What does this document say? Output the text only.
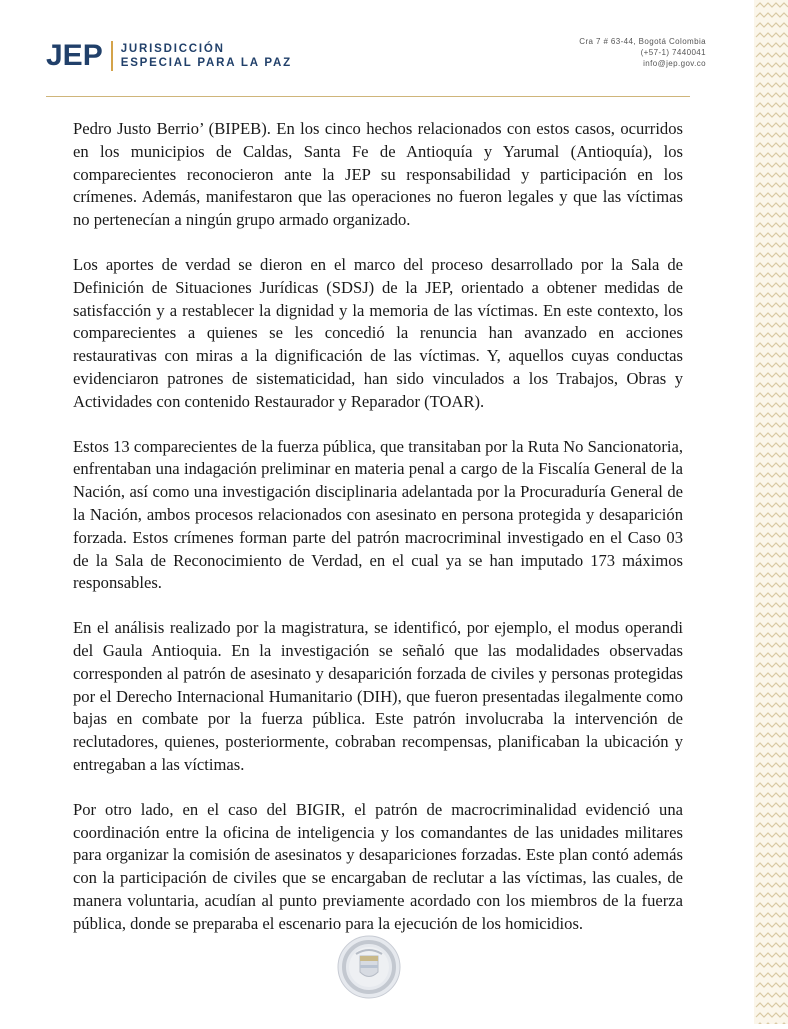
JEP JURISDICCIÓN
ESPECIAL PARA LA PAZ
Cra 7 # 63-44, Bogotá Colombia
(+57-1) 7440041
info@jep.gov.co

Pedro Justo Berrio’ (BIPEB). En los cinco hechos relacionados con estos casos, ocurridos en los municipios de Caldas, Santa Fe de Antioquía y Yarumal (Antioquía), los comparecientes reconocieron ante la JEP su responsabilidad y participación en los crímenes. Además, manifestaron que las operaciones no fueron legales y que las víctimas no pertenecían a ningún grupo armado organizado.

Los aportes de verdad se dieron en el marco del proceso desarrollado por la Sala de Definición de Situaciones Jurídicas (SDSJ) de la JEP, orientado a obtener medidas de satisfacción y a restablecer la dignidad y la memoria de las víctimas. En este contexto, los comparecientes a quienes se les concedió la renuncia han avanzado en acciones restaurativas con miras a la dignificación de las víctimas. Y, aquellos cuyas conductas evidenciaron patrones de sistematicidad, han sido vinculados a los Trabajos, Obras y Actividades con contenido Restaurador y Reparador (TOAR).

Estos 13 comparecientes de la fuerza pública, que transitaban por la Ruta No Sancionatoria, enfrentaban una indagación preliminar en materia penal a cargo de la Fiscalía General de la Nación, así como una investigación disciplinaria adelantada por la Procuraduría General de la Nación, ambos procesos relacionados con asesinato en persona protegida y desaparición forzada. Estos crímenes forman parte del patrón macrocriminal investigado en el Caso 03 de la Sala de Reconocimiento de Verdad, en el cual ya se han imputado 173 máximos responsables.

En el análisis realizado por la magistratura, se identificó, por ejemplo, el modus operandi del Gaula Antioquia. En la investigación se señaló que las modalidades observadas corresponden al patrón de asesinato y desaparición forzada de civiles y personas protegidas por el Derecho Internacional Humanitario (DIH), que fueron presentadas ilegalmente como bajas en combate por la fuerza pública. Este patrón involucraba la intervención de reclutadores, quienes, posteriormente, cobraban recompensas, planificaban la ubicación y entregaban a las víctimas.

Por otro lado, en el caso del BIGIR, el patrón de macrocriminalidad evidenció una coordinación entre la oficina de inteligencia y los comandantes de las unidades militares para organizar la comisión de asesinatos y desapariciones forzadas. Este plan contó además con la participación de civiles que se encargaban de reclutar a las víctimas, las cuales, de manera voluntaria, acudían al punto previamente acordado con los miembros de la fuerza pública, donde se preparaba el escenario para la ejecución de los homicidios.
